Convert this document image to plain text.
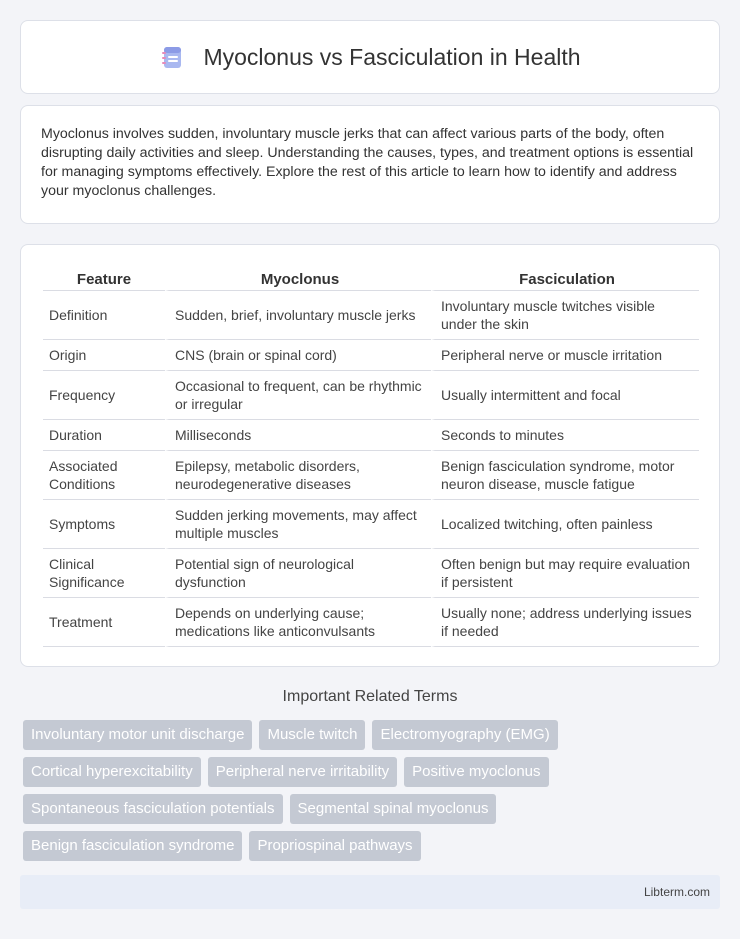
Myoclonus vs Fasciculation in Health

Myoclonus involves sudden, involuntary muscle jerks that can affect various parts of the body, often disrupting daily activities and sleep. Understanding the causes, types, and treatment options is essential for managing symptoms effectively. Explore the rest of this article to learn how to identify and address your myoclonus challenges.

Feature	Myoclonus	Fasciculation
Definition	Sudden, brief, involuntary muscle jerks	Involuntary muscle twitches visible under the skin
Origin	CNS (brain or spinal cord)	Peripheral nerve or muscle irritation
Frequency	Occasional to frequent, can be rhythmic or irregular	Usually intermittent and focal
Duration	Milliseconds	Seconds to minutes
Associated Conditions	Epilepsy, metabolic disorders, neurodegenerative diseases	Benign fasciculation syndrome, motor neuron disease, muscle fatigue
Symptoms	Sudden jerking movements, may affect multiple muscles	Localized twitching, often painless
Clinical Significance	Potential sign of neurological dysfunction	Often benign but may require evaluation if persistent
Treatment	Depends on underlying cause; medications like anticonvulsants	Usually none; address underlying issues if needed
Important Related Terms
Involuntary motor unit discharge	Muscle twitch	Electromyography (EMG)
Cortical hyperexcitability	Peripheral nerve irritability	Positive myoclonus
Spontaneous fasciculation potentials	Segmental spinal myoclonus
Benign fasciculation syndrome	Propriospinal pathways
Libterm.com
